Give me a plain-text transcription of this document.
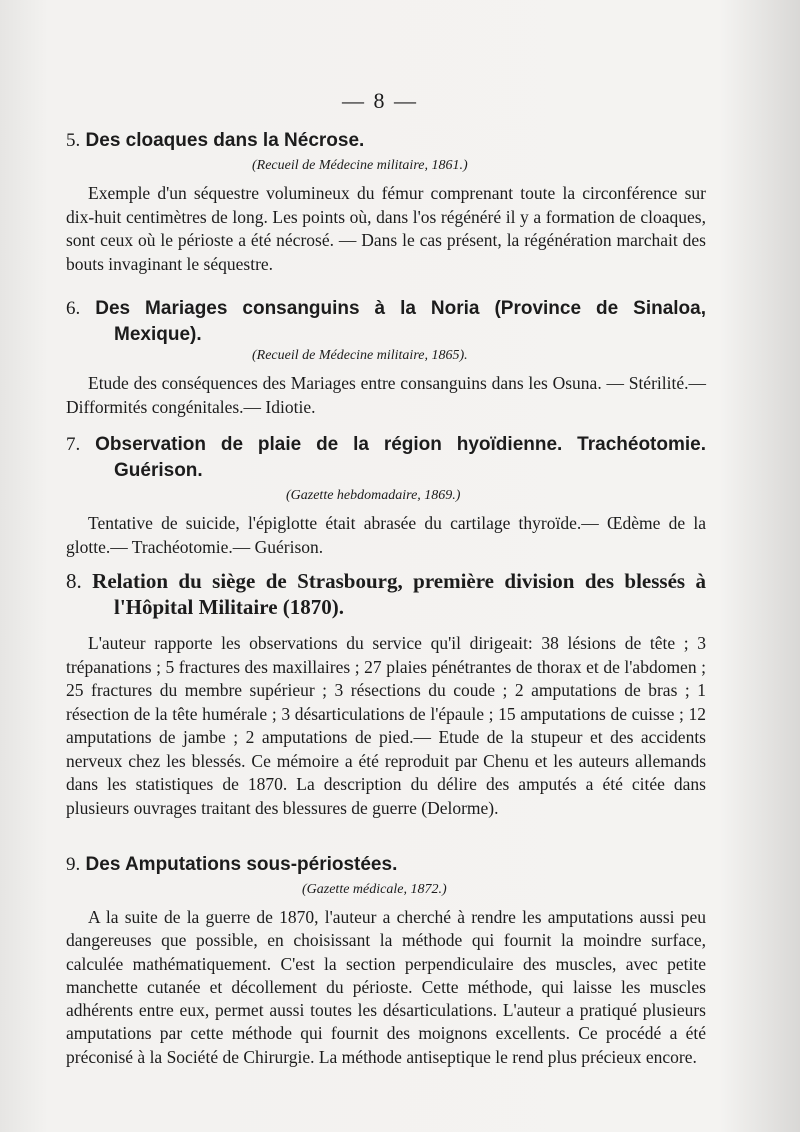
— 8 —

5. Des cloaques dans la Nécrose.

(Recueil de Médecine militaire, 1861.)

Exemple d'un séquestre volumineux du fémur comprenant toute la circonférence sur dix-huit centimètres de long. Les points où, dans l'os régénéré il y a formation de cloaques, sont ceux où le périoste a été nécrosé. — Dans le cas présent, la régénération marchait des bouts invaginant le séquestre.

6. Des Mariages consanguins à la Noria (Province de Sinaloa, Mexique).

(Recueil de Médecine militaire, 1865).

Etude des conséquences des Mariages entre consanguins dans les Osuna. — Stérilité.— Difformités congénitales.— Idiotie.

7. Observation de plaie de la région hyoïdienne. Trachéotomie. Guérison.

(Gazette hebdomadaire, 1869.)

Tentative de suicide, l'épiglotte était abrasée du cartilage thyroïde.— Œdème de la glotte.— Trachéotomie.— Guérison.

8. Relation du siège de Strasbourg, première division des blessés à l'Hôpital Militaire (1870).

L'auteur rapporte les observations du service qu'il dirigeait: 38 lésions de tête ; 3 trépanations ; 5 fractures des maxillaires ; 27 plaies pénétrantes de thorax et de l'abdomen ; 25 fractures du membre supérieur ; 3 résections du coude ; 2 amputations de bras ; 1 résection de la tête humérale ; 3 désarticulations de l'épaule ; 15 amputations de cuisse ; 12 amputations de jambe ; 2 amputations de pied.— Etude de la stupeur et des accidents nerveux chez les blessés. Ce mémoire a été reproduit par Chenu et les auteurs allemands dans les statistiques de 1870. La description du délire des amputés a été citée dans plusieurs ouvrages traitant des blessures de guerre (Delorme).

9. Des Amputations sous-périostées.

(Gazette médicale, 1872.)

A la suite de la guerre de 1870, l'auteur a cherché à rendre les amputations aussi peu dangereuses que possible, en choisissant la méthode qui fournit la moindre surface, calculée mathématiquement. C'est la section perpendiculaire des muscles, avec petite manchette cutanée et décollement du périoste. Cette méthode, qui laisse les muscles adhérents entre eux, permet aussi toutes les désarticulations. L'auteur a pratiqué plusieurs amputations par cette méthode qui fournit des moignons excellents. Ce procédé a été préconisé à la Société de Chirurgie. La méthode antiseptique le rend plus précieux encore.
